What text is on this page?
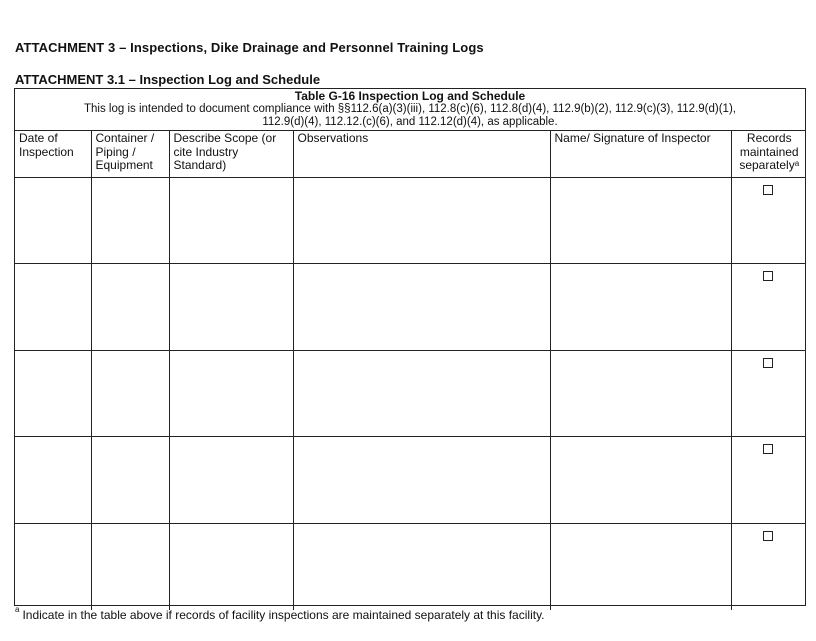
ATTACHMENT 3 – Inspections, Dike Drainage and Personnel Training Logs
ATTACHMENT 3.1 – Inspection Log and Schedule
Table G-16 Inspection Log and Schedule
This log is intended to document compliance with §§112.6(a)(3)(iii), 112.8(c)(6), 112.8(d)(4), 112.9(b)(2), 112.9(c)(3), 112.9(d)(1), 112.9(d)(4), 112.12.(c)(6), and 112.12(d)(4), as applicable.
Date of Inspection	Container / Piping / Equipment	Describe Scope (or cite Industry Standard)	Observations	Name/ Signature of Inspector	Records maintained separately$^a$

$^a$ Indicate in the table above if records of facility inspections are maintained separately at this facility.
